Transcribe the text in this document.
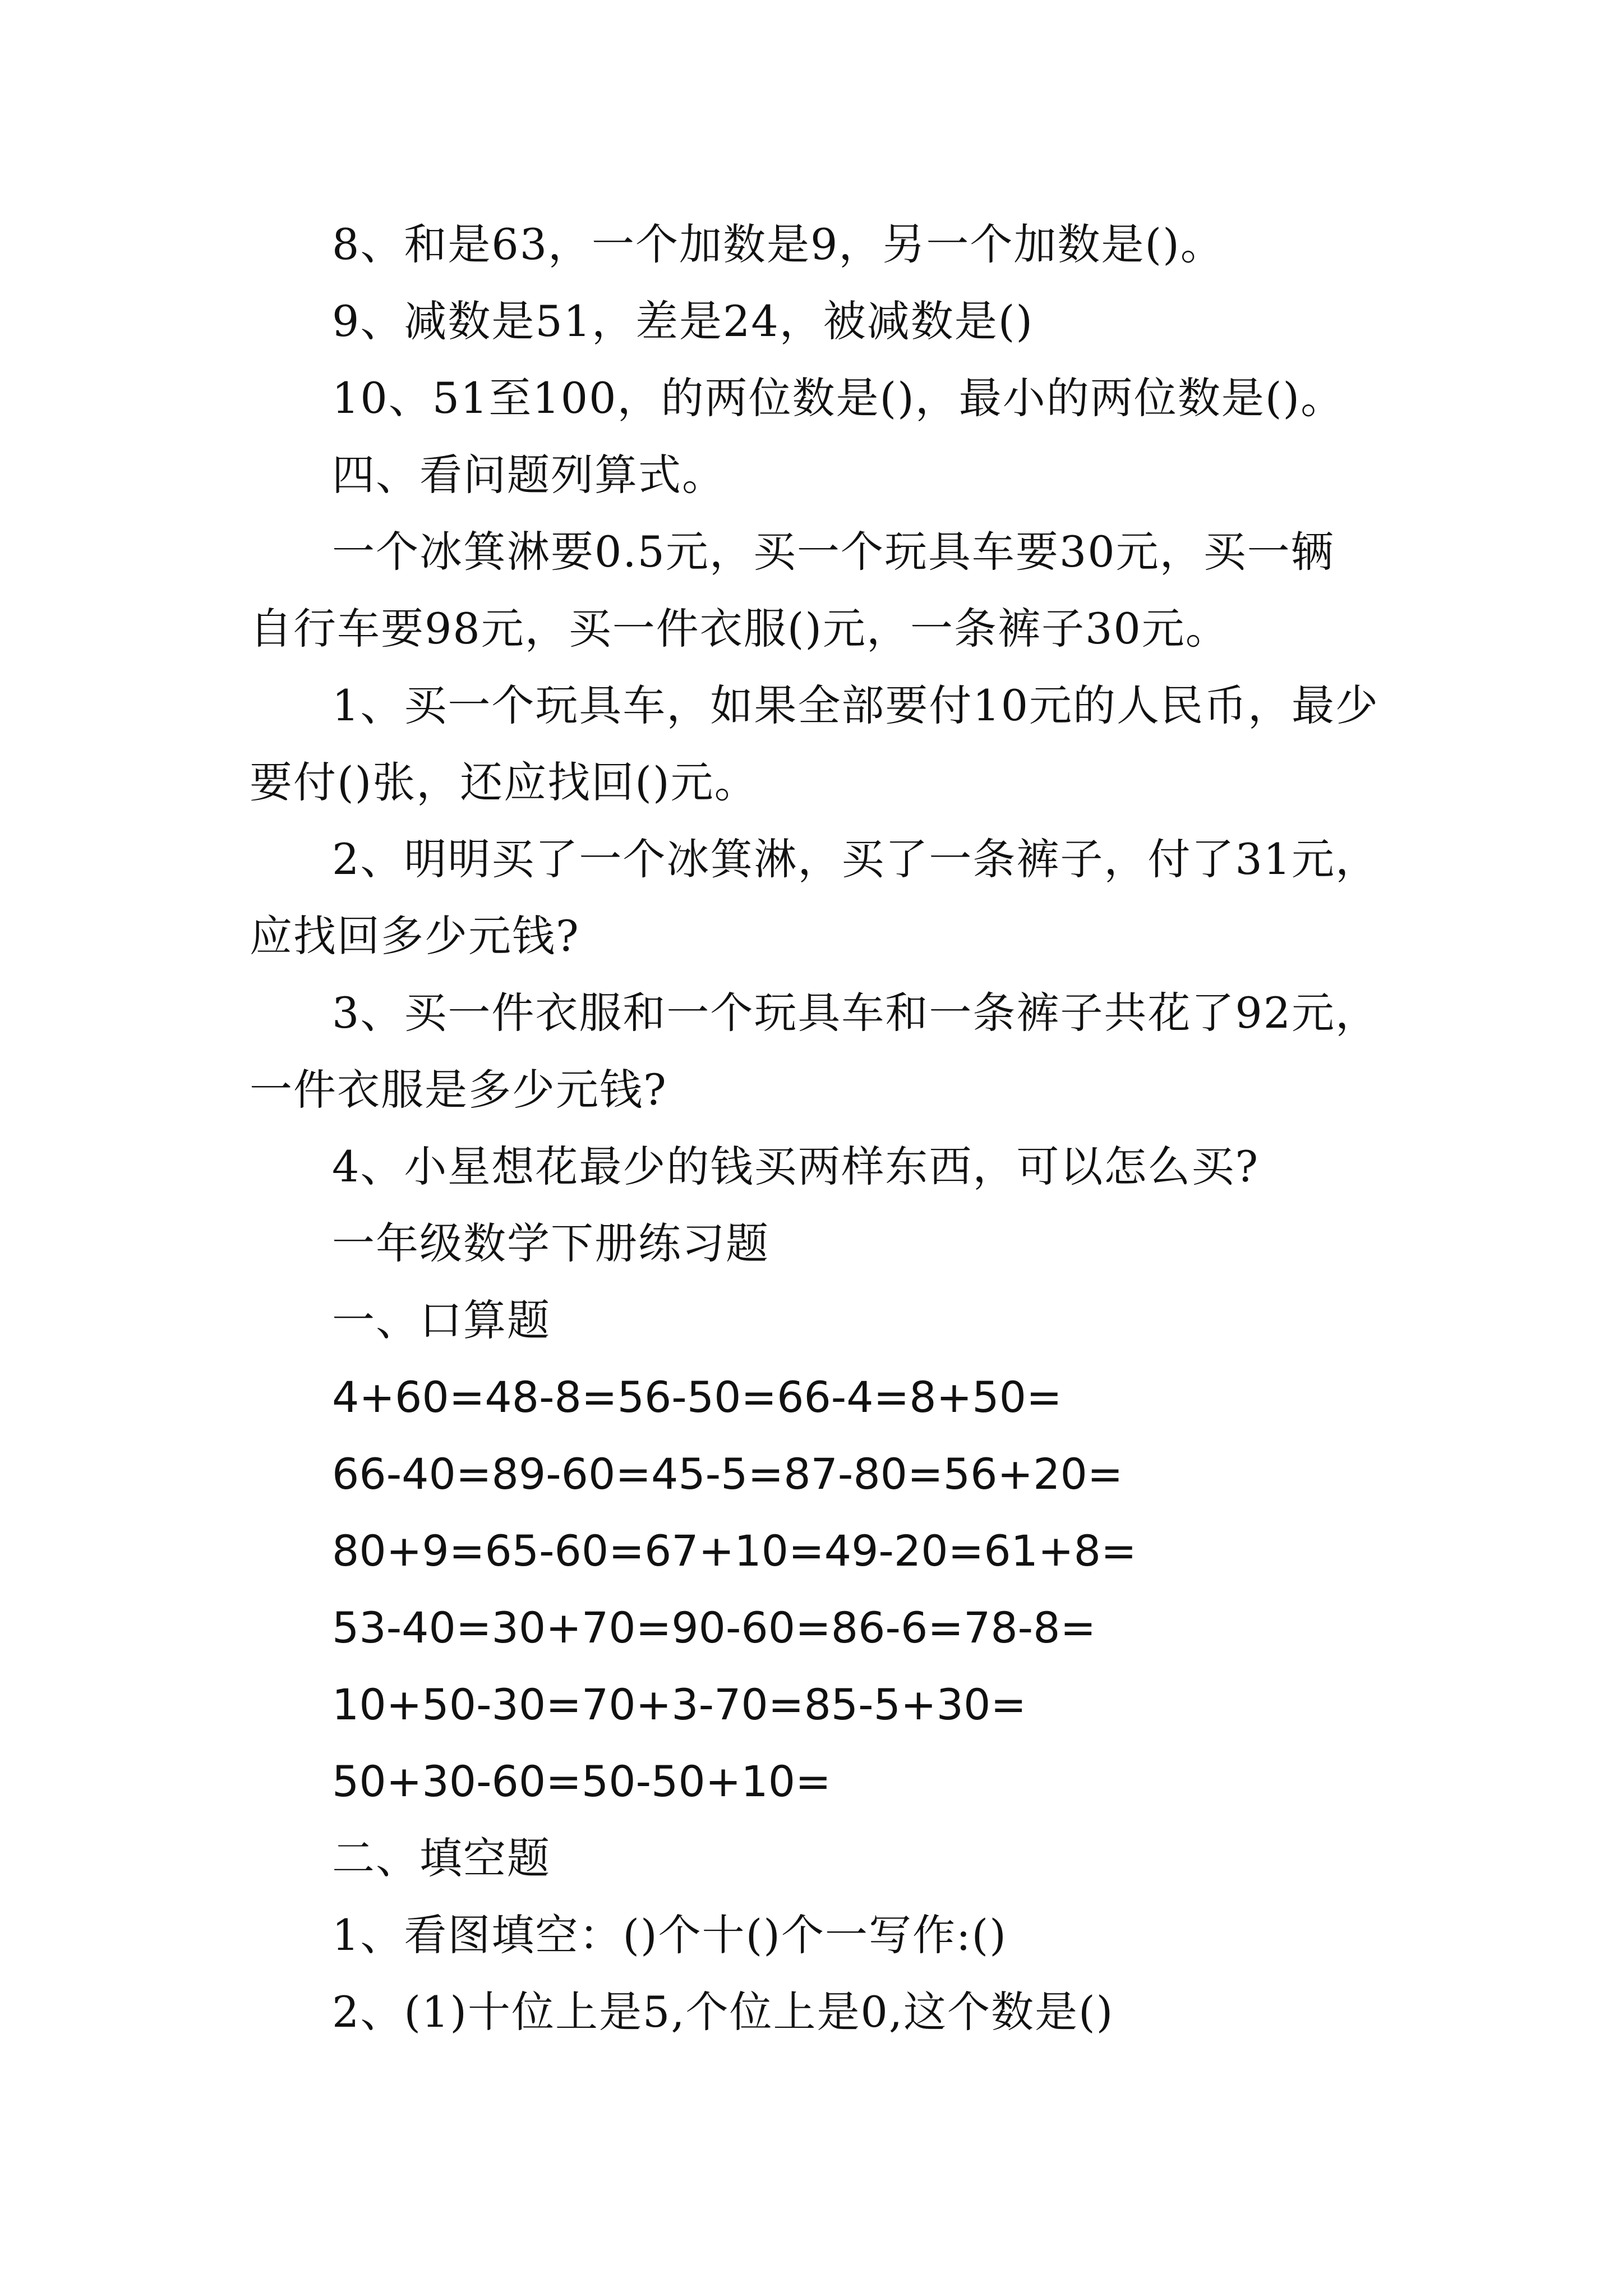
8、和是63，一个加数是9，另一个加数是()。
9、减数是51，差是24，被减数是()
10、51至100，的两位数是()，最小的两位数是()。
四、看问题列算式。
一个冰箕淋要0.5元，买一个玩具车要30元，买一辆
自行车要98元，买一件衣服()元，一条裤子30元。
1、买一个玩具车，如果全部要付10元的人民币，最少
要付()张，还应找回()元。
2、明明买了一个冰箕淋，买了一条裤子，付了31元，
应找回多少元钱?
3、买一件衣服和一个玩具车和一条裤子共花了92元，
一件衣服是多少元钱?
4、小星想花最少的钱买两样东西，可以怎么买?
一年级数学下册练习题
一、口算题
4+60=48-8=56-50=66-4=8+50=
66-40=89-60=45-5=87-80=56+20=
80+9=65-60=67+10=49-20=61+8=
53-40=30+70=90-60=86-6=78-8=
10+50-30=70+3-70=85-5+30=
50+30-60=50-50+10=
二、填空题
1、看图填空：()个十()个一写作:()
2、(1)十位上是5,个位上是0,这个数是()
